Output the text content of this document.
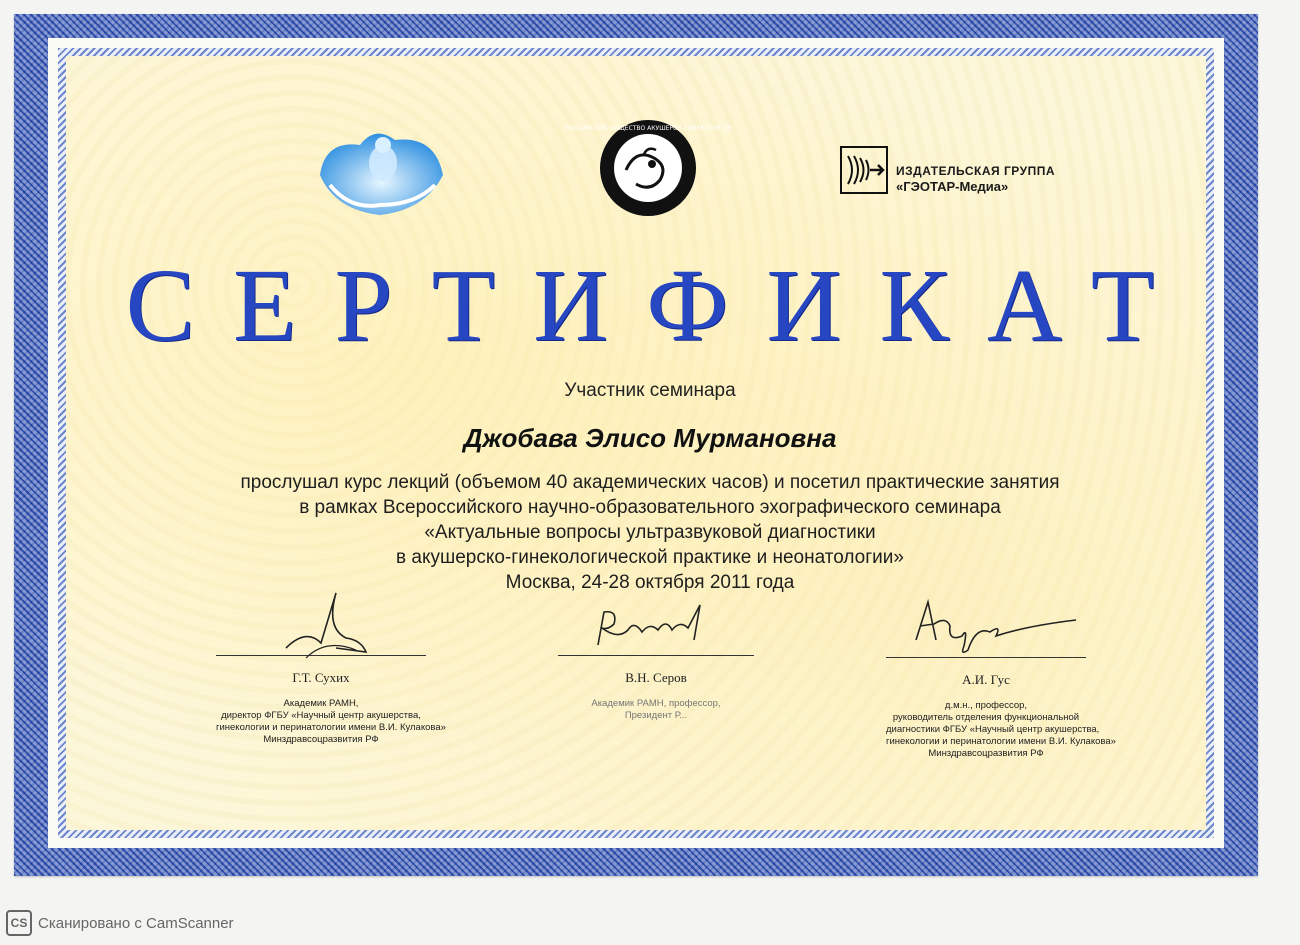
РОССИЙСКОЕ ОБЩЕСТВО АКУШЕРОВ-ГИНЕКОЛОГОВ
ИЗДАТЕЛЬСКАЯ ГРУППА
«ГЭОТАР-Медиа»
СЕРТИФИКАТ
Участник семинара
Джобава Элисо Мурмановна
прослушал курс лекций (объемом 40 академических часов) и посетил практические занятия
в рамках Всероссийского научно-образовательного эхографического семинара
«Актуальные вопросы ультразвуковой диагностики
в акушерско-гинекологической практике и неонатологии»
Москва, 24-28 октября 2011 года
Г.Т. Сухих
Академик РАМН,
директор ФГБУ «Научный центр акушерства,
гинекологии и перинатологии имени В.И. Кулакова»
Минздравсоцразвития РФ
В.Н. Серов
Академик РАМН, профессор,
Президент Р...
А.И. Гус
д.м.н., профессор,
руководитель отделения функциональной
диагностики ФГБУ «Научный центр акушерства,
гинекологии и перинатологии имени В.И. Кулакова»
Минздравсоцразвития РФ
CS Сканировано с CamScanner
